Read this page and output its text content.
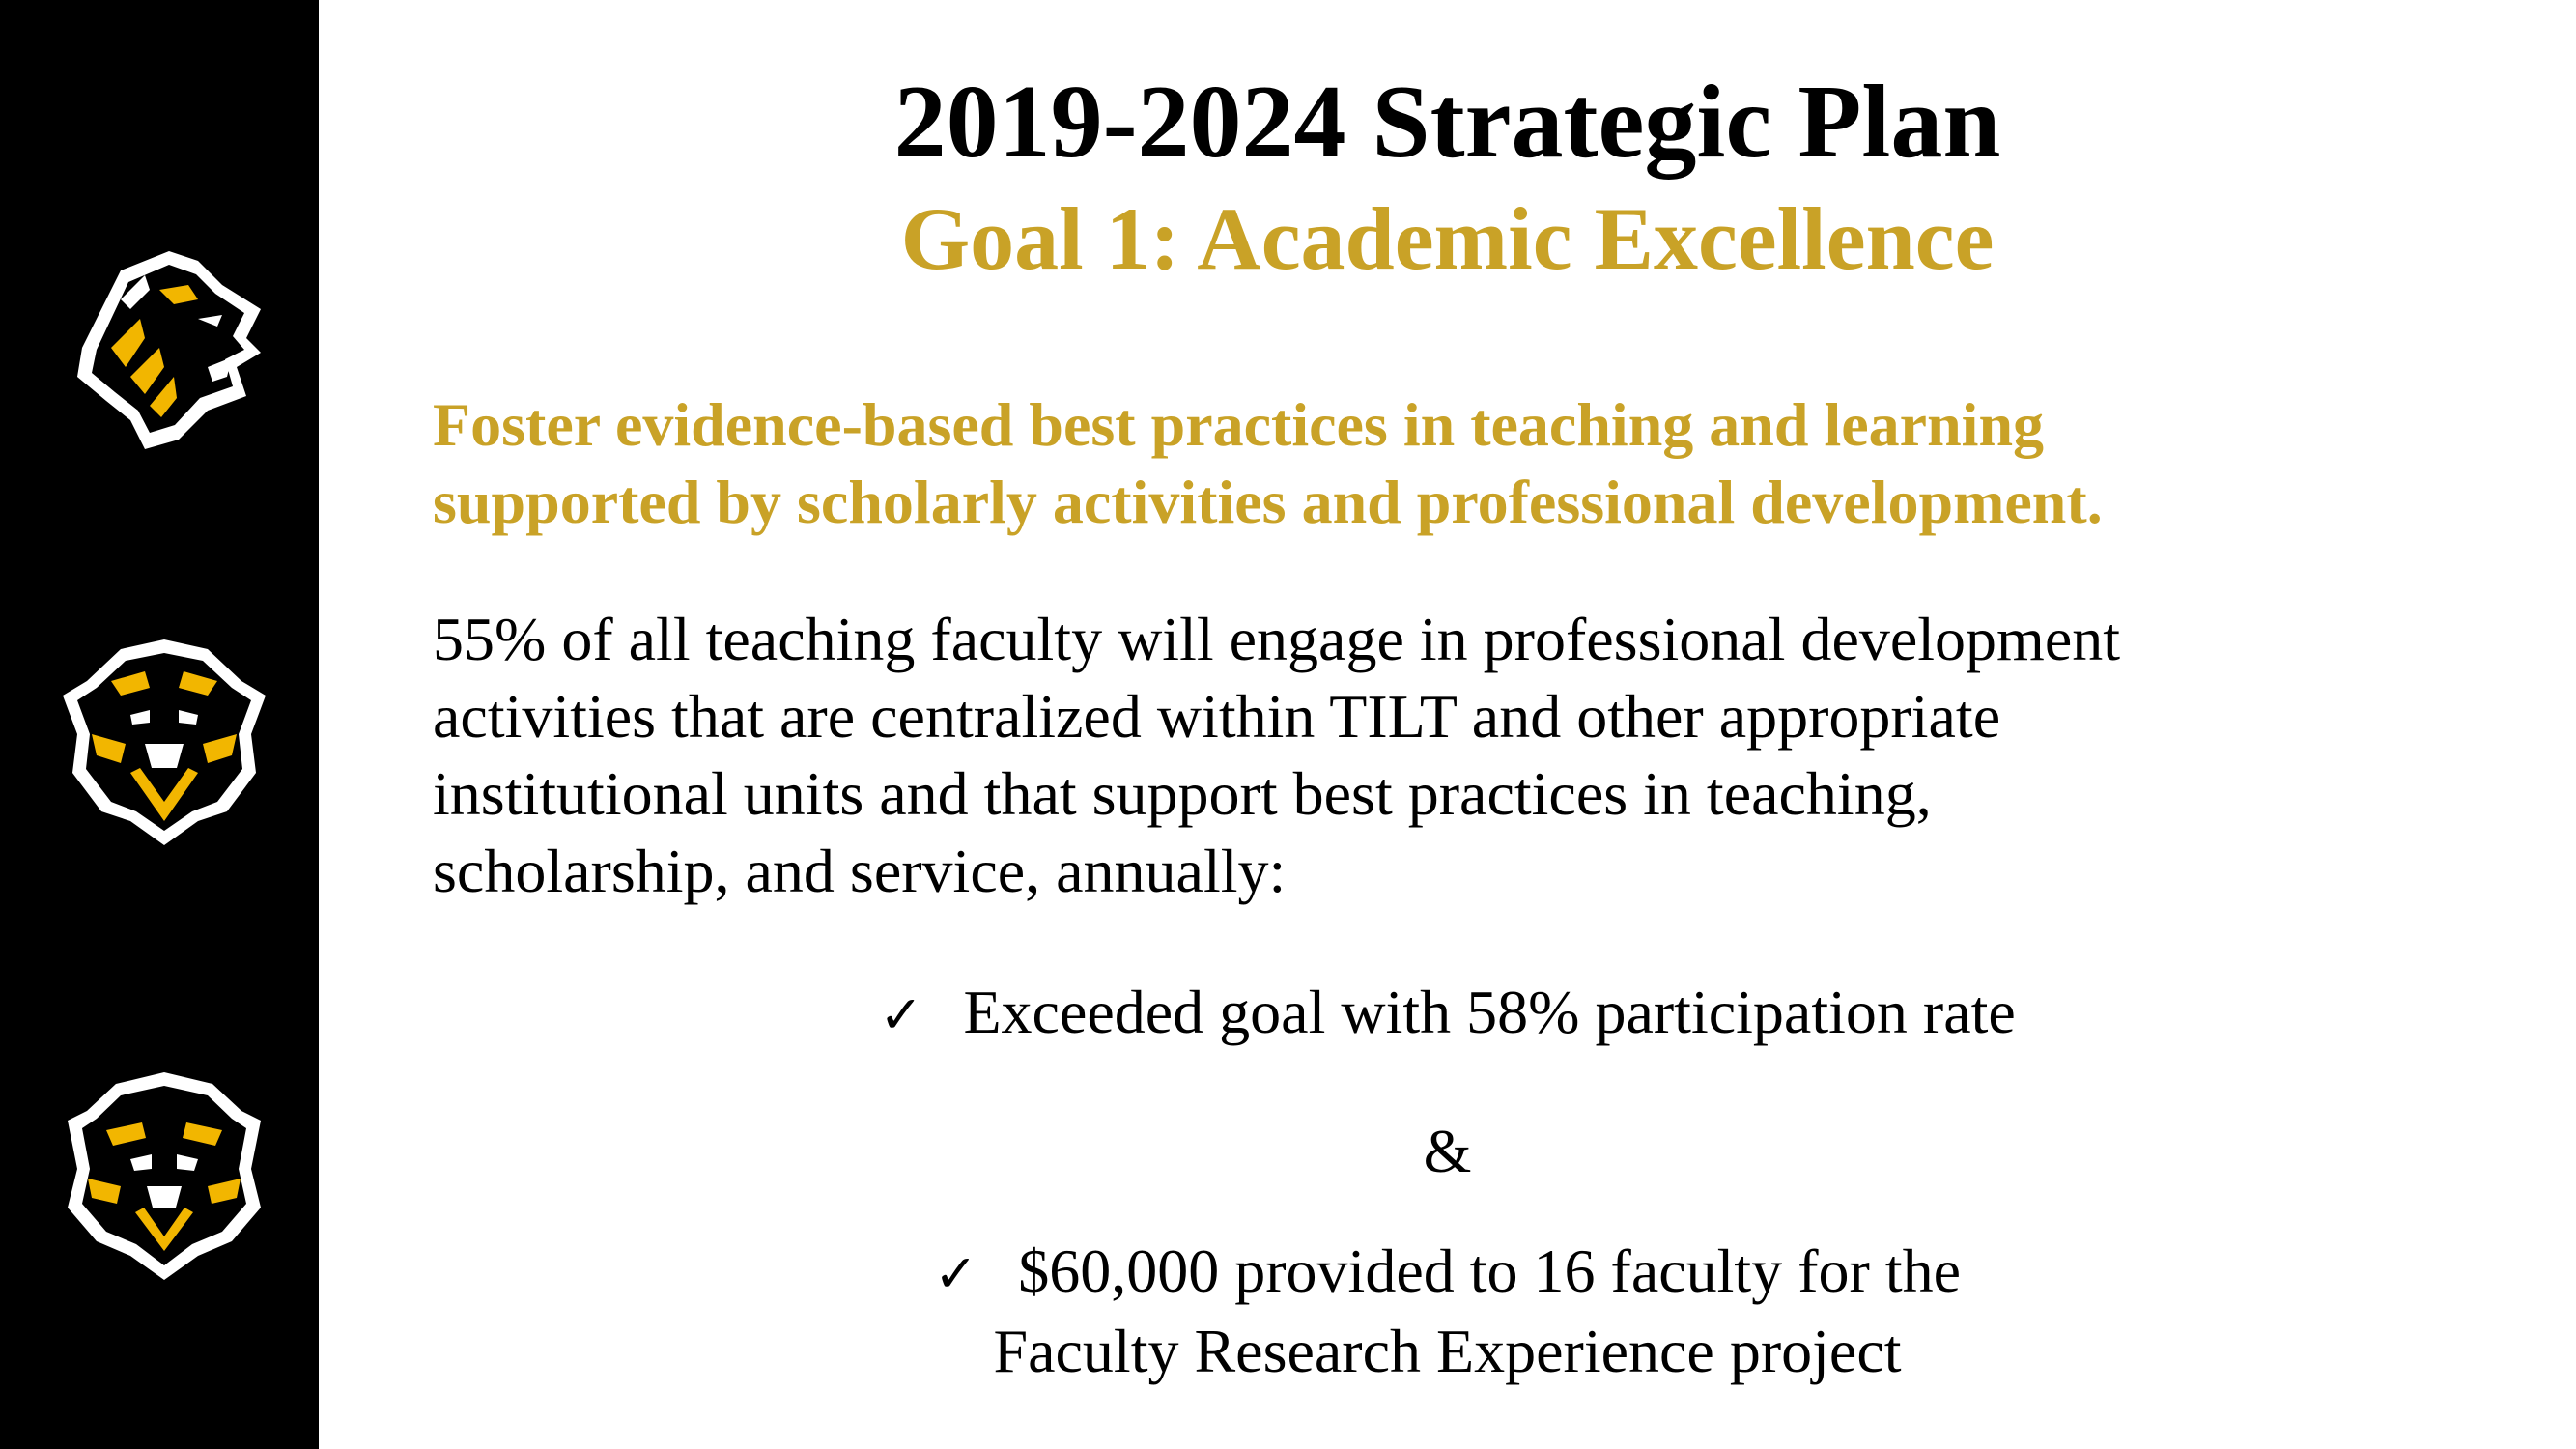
2019-2024 Strategic Plan
Goal 1: Academic Excellence
Foster evidence-based best practices in teaching and learning
supported by scholarly activities and professional development.
55% of all teaching faculty will engage in professional development
activities that are centralized within TILT and other appropriate
institutional units and that support best practices in teaching,
scholarship, and service, annually:
✓ Exceeded goal with 58% participation rate
&
✓ $60,000 provided to 16 faculty for the
Faculty Research Experience project
